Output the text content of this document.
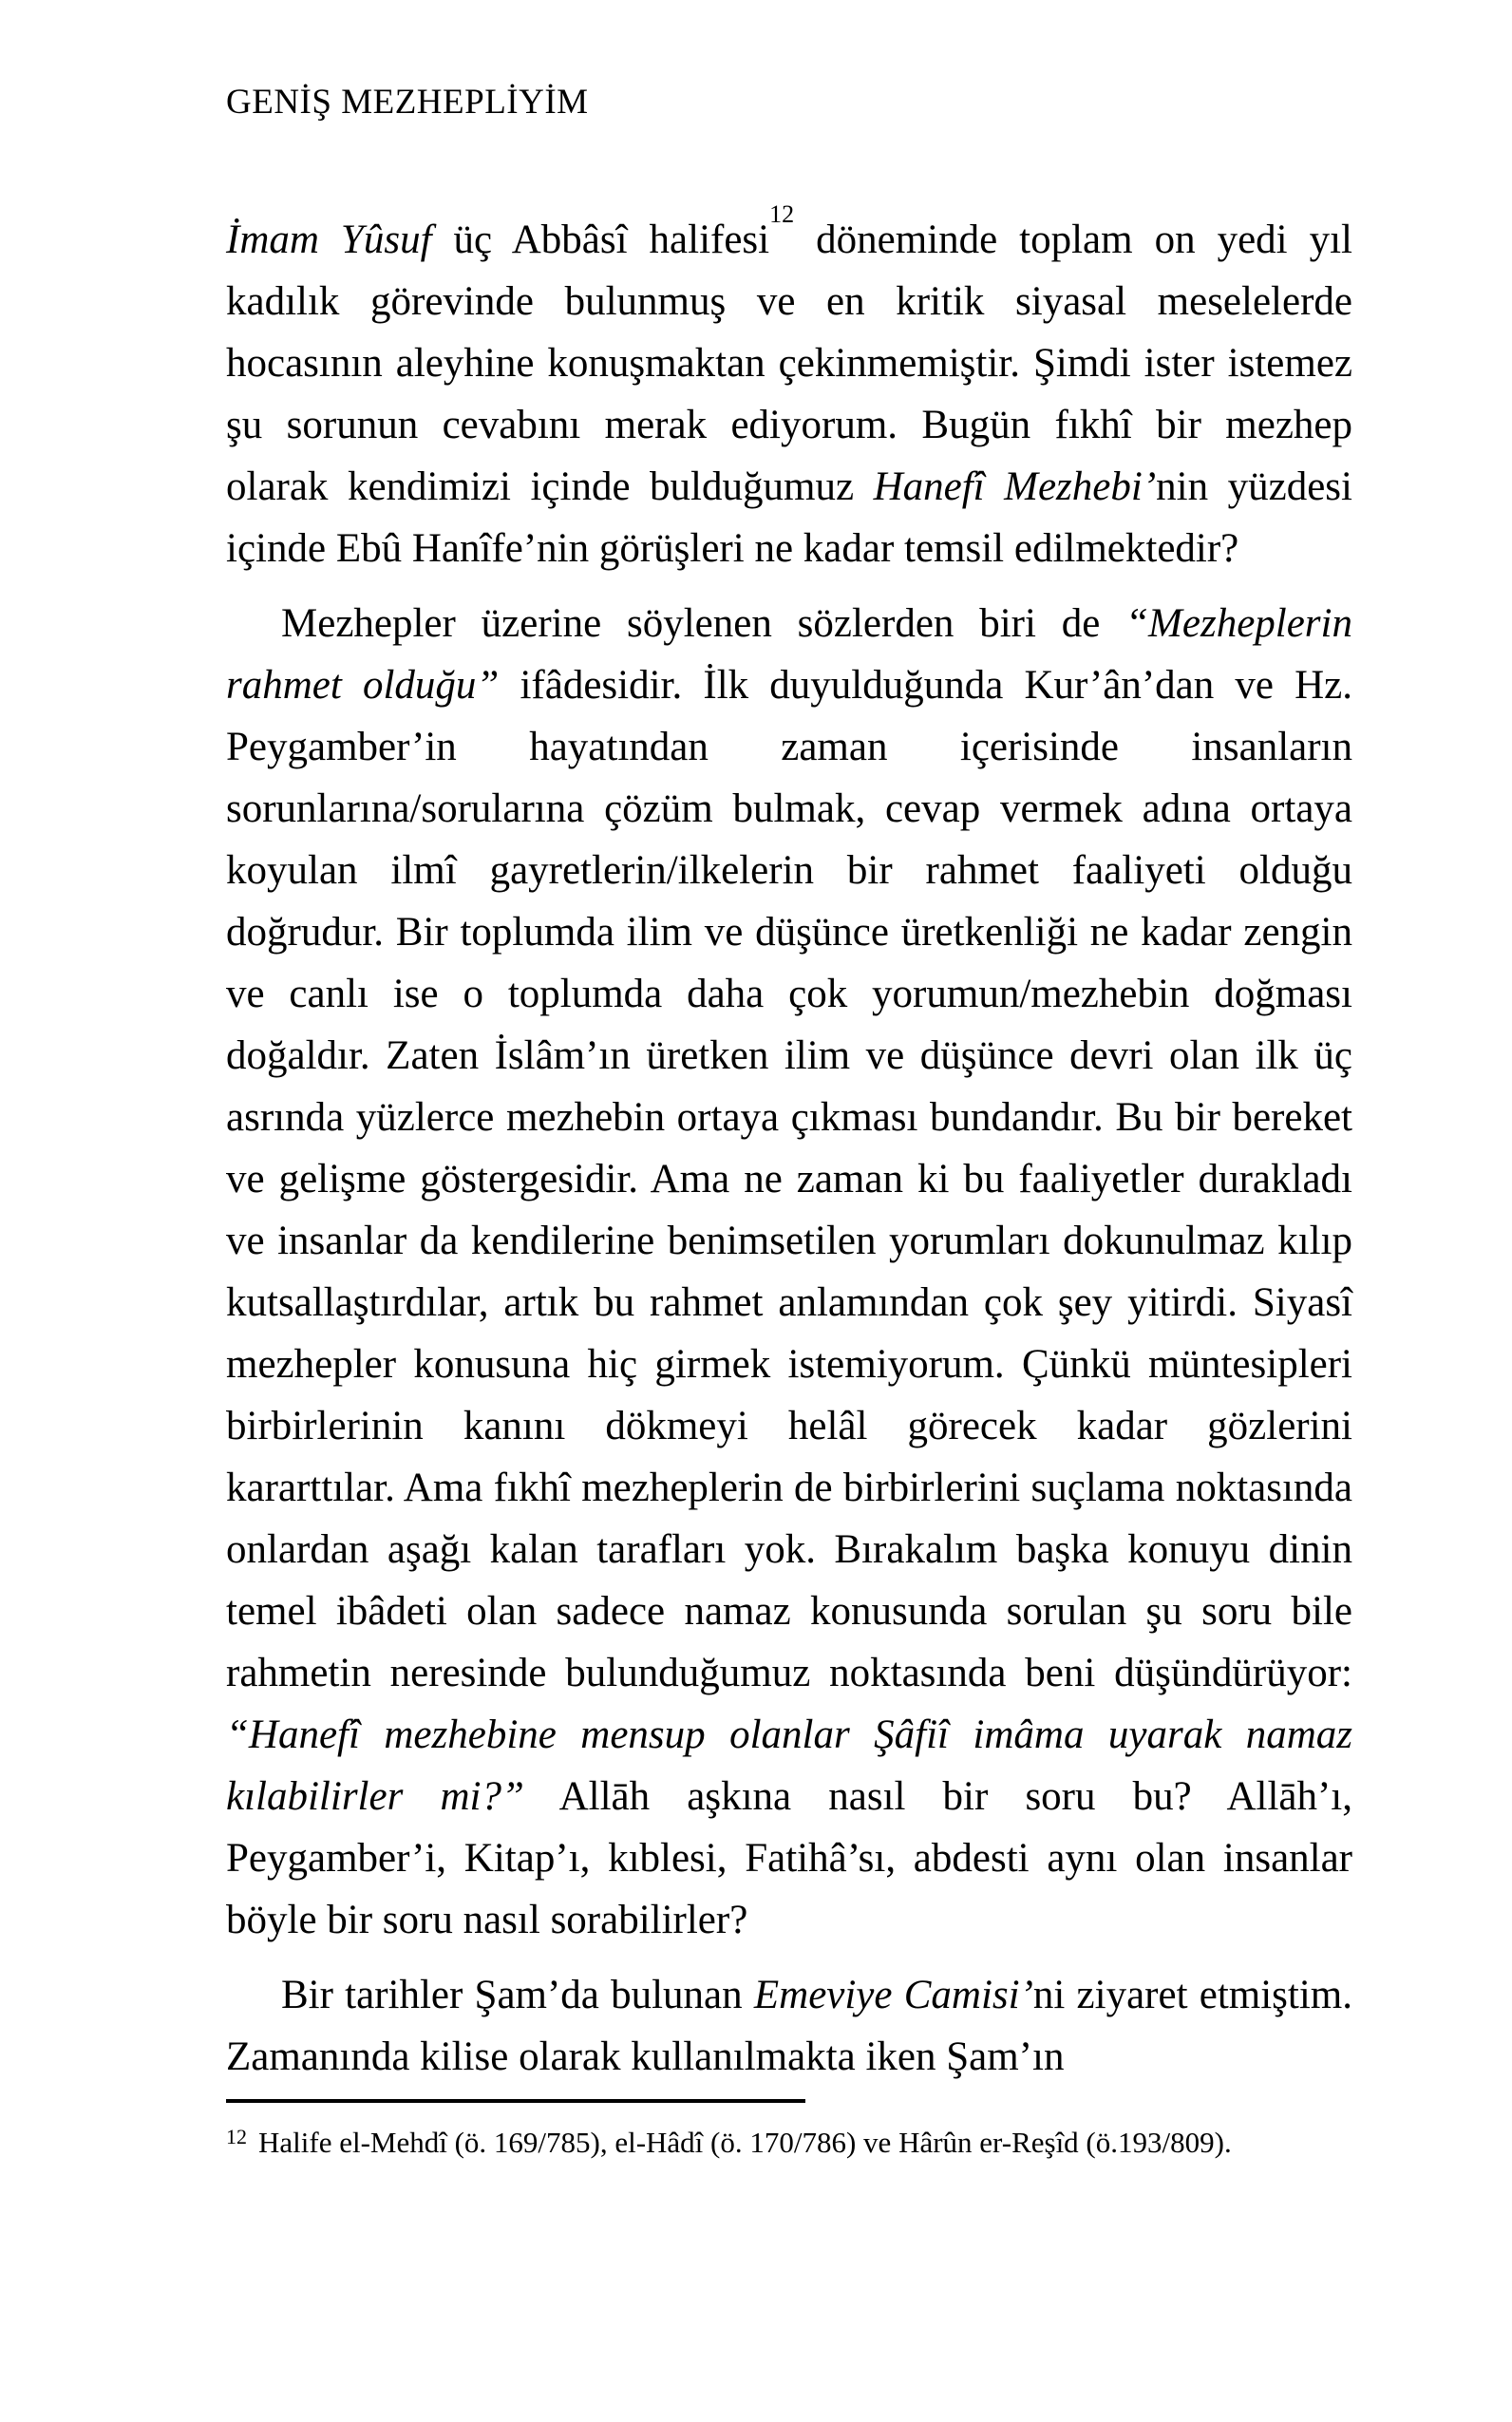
GENİŞ MEZHEPLİYİM

İmam Yûsuf üç Abbâsî halifesi$^{12}$ döneminde toplam on yedi yıl kadılık görevinde bulunmuş ve en kritik siyasal meselelerde hocasının aleyhine konuşmaktan çekinmemiştir. Şimdi ister istemez şu sorunun cevabını merak ediyorum. Bugün fıkhî bir mezhep olarak kendimizi içinde bulduğumuz Hanefî Mezhebi’nin yüzdesi içinde Ebû Hanîfe’nin görüşleri ne kadar temsil edilmektedir?

Mezhepler üzerine söylenen sözlerden biri de “Mezheplerin rahmet olduğu” ifâdesidir. İlk duyulduğunda Kur’ân’dan ve Hz. Peygamber’in hayatından zaman içerisinde insanların sorunlarına/sorularına çözüm bulmak, cevap vermek adına ortaya koyulan ilmî gayretlerin/ilkelerin bir rahmet faaliyeti olduğu doğrudur. Bir toplumda ilim ve düşünce üretkenliği ne kadar zengin ve canlı ise o toplumda daha çok yorumun/mezhebin doğması doğaldır. Zaten İslâm’ın üretken ilim ve düşünce devri olan ilk üç asrında yüzlerce mezhebin ortaya çıkması bundandır. Bu bir bereket ve gelişme göstergesidir. Ama ne zaman ki bu faaliyetler durakladı ve insanlar da kendilerine benimsetilen yorumları dokunulmaz kılıp kutsallaştırdılar, artık bu rahmet anlamından çok şey yitirdi. Siyasî mezhepler konusuna hiç girmek istemiyorum. Çünkü müntesipleri birbirlerinin kanını dökmeyi helâl görecek kadar gözlerini kararttılar. Ama fıkhî mezheplerin de birbirlerini suçlama noktasında onlardan aşağı kalan tarafları yok. Bırakalım başka konuyu dinin temel ibâdeti olan sadece namaz konusunda sorulan şu soru bile rahmetin neresinde bulunduğumuz noktasında beni düşündürüyor: “Hanefî mezhebine mensup olanlar Şâfiî imâma uyarak namaz kılabilirler mi?” Allāh aşkına nasıl bir soru bu? Allāh’ı, Peygamber’i, Kitap’ı, kıblesi, Fatihâ’sı, abdesti aynı olan insanlar böyle bir soru nasıl sorabilirler?

Bir tarihler Şam’da bulunan Emeviye Camisi’ni ziyaret etmiştim. Zamanında kilise olarak kullanılmakta iken Şam’ın

$^{12}$ Halife el-Mehdî (ö. 169/785), el-Hâdî (ö. 170/786) ve Hârûn er-Reşîd (ö.193/809).
